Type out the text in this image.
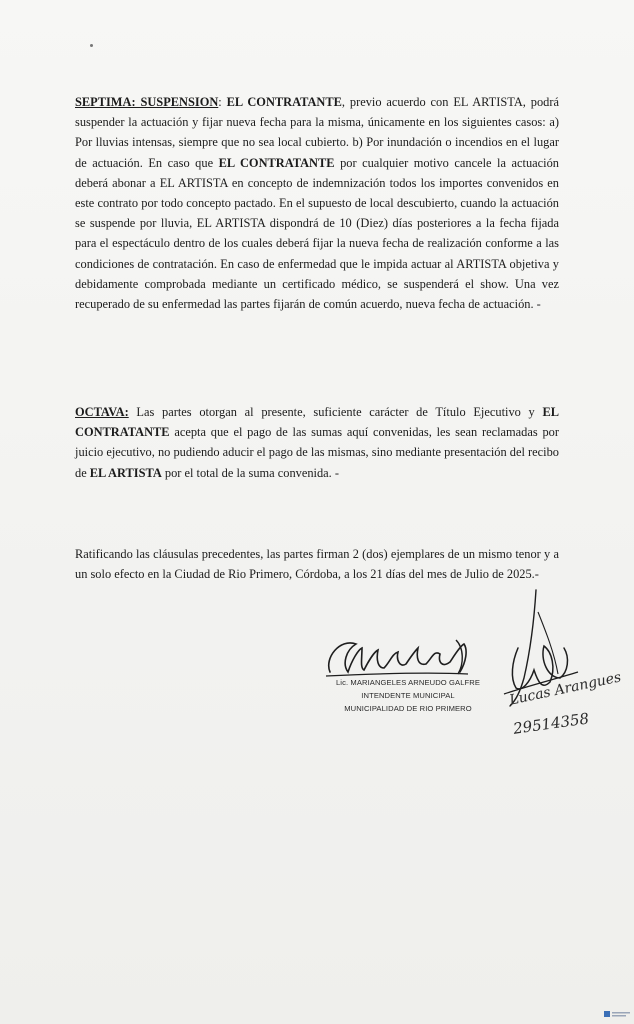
SEPTIMA: SUSPENSION: EL CONTRATANTE, previo acuerdo con EL ARTISTA, podrá suspender la actuación y fijar nueva fecha para la misma, únicamente en los siguientes casos: a) Por lluvias intensas, siempre que no sea local cubierto. b) Por inundación o incendios en el lugar de actuación. En caso que EL CONTRATANTE por cualquier motivo cancele la actuación deberá abonar a EL ARTISTA en concepto de indemnización todos los importes convenidos en este contrato por todo concepto pactado. En el supuesto de local descubierto, cuando la actuación se suspende por lluvia, EL ARTISTA dispondrá de 10 (Diez) días posteriores a la fecha fijada para el espectáculo dentro de los cuales deberá fijar la nueva fecha de realización conforme a las condiciones de contratación. En caso de enfermedad que le impida actuar al ARTISTA objetiva y debidamente comprobada mediante un certificado médico, se suspenderá el show. Una vez recuperado de su enfermedad las partes fijarán de común acuerdo, nueva fecha de actuación. -
OCTAVA: Las partes otorgan al presente, suficiente carácter de Título Ejecutivo y EL CONTRATANTE acepta que el pago de las sumas aquí convenidas, les sean reclamadas por juicio ejecutivo, no pudiendo aducir el pago de las mismas, sino mediante presentación del recibo de EL ARTISTA por el total de la suma convenida. -
Ratificando las cláusulas precedentes, las partes firman 2 (dos) ejemplares de un mismo tenor y a un solo efecto en la Ciudad de Rio Primero, Córdoba, a los 21 días del mes de Julio de 2025.-
Lic. MARIANGELES ARNEUDO GALFRE
INTENDENTE MUNICIPAL
MUNICIPALIDAD DE RIO PRIMERO	Lucas Arangues
29514358
